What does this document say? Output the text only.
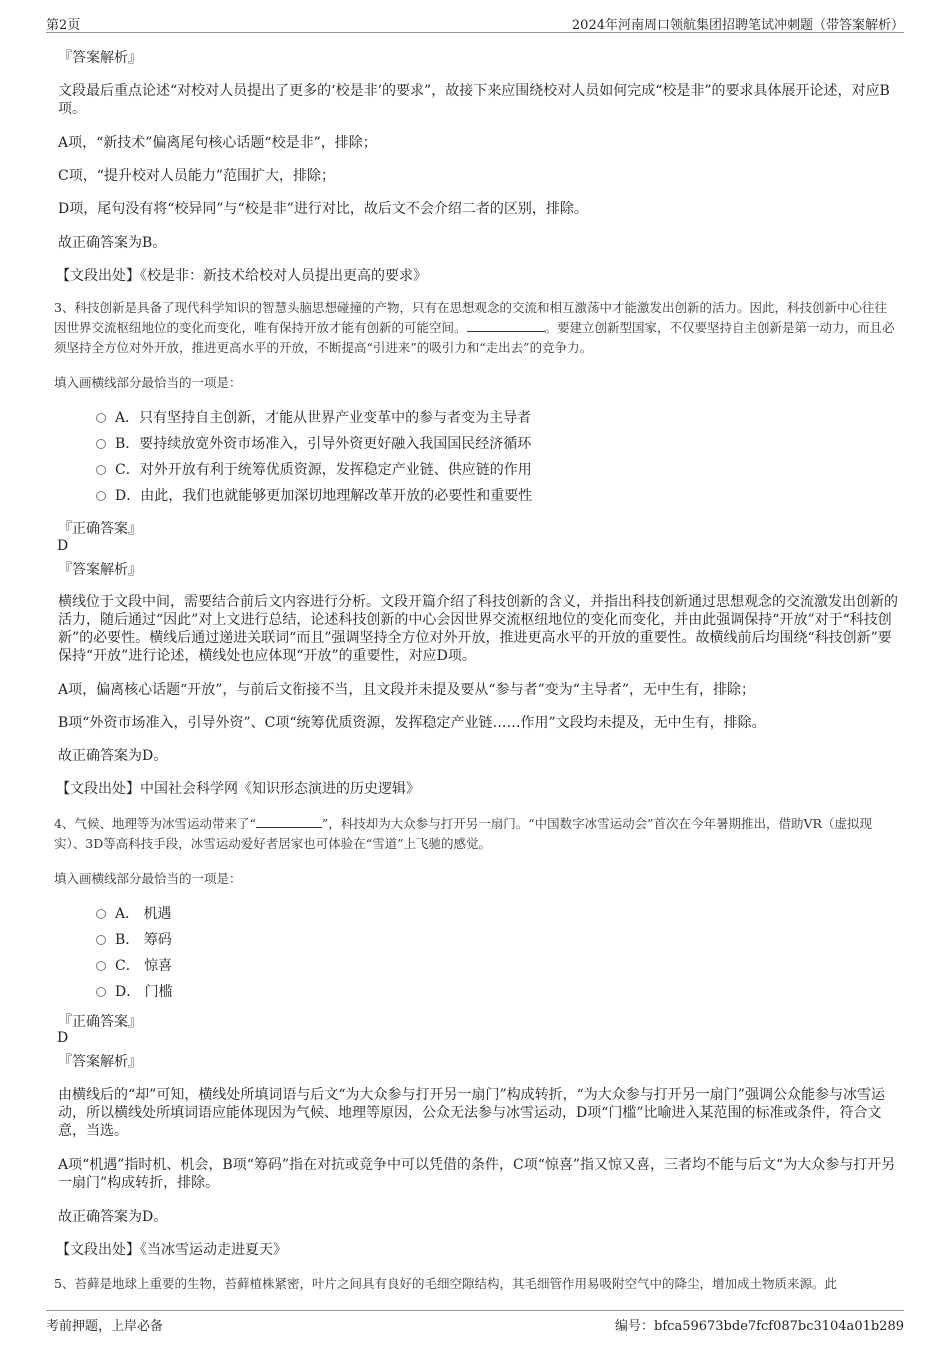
第2页	2024年河南周口领航集团招聘笔试冲刺题（带答案解析）
『答案解析』
文段最后重点论述“对校对人员提出了更多的‘校是非’的要求”，故接下来应围绕校对人员如何完成“校是非”的要求具体展开论述，对应B项。
A项，“新技术”偏离尾句核心话题“校是非”，排除；
C项，“提升校对人员能力”范围扩大，排除；
D项，尾句没有将“校异同”与“校是非”进行对比，故后文不会介绍二者的区别，排除。
故正确答案为B。
【文段出处】《校是非：新技术给校对人员提出更高的要求》
3、科技创新是具备了现代科学知识的智慧头脑思想碰撞的产物，只有在思想观念的交流和相互激荡中才能激发出创新的活力。因此，科技创新中心往往因世界交流枢纽地位的变化而变化，唯有保持开放才能有创新的可能空间。	。要建立创新型国家，不仅要坚持自主创新是第一动力，而且必须坚持全方位对外开放，推进更高水平的开放，不断提高“引进来”的吸引力和“走出去”的竞争力。
填入画横线部分最恰当的一项是：
A．只有坚持自主创新，才能从世界产业变革中的参与者变为主导者
B．要持续放宽外资市场准入，引导外资更好融入我国国民经济循环
C．对外开放有利于统筹优质资源，发挥稳定产业链、供应链的作用
D．由此，我们也就能够更加深切地理解改革开放的必要性和重要性
『正确答案』
D
『答案解析』
横线位于文段中间，需要结合前后文内容进行分析。文段开篇介绍了科技创新的含义，并指出科技创新通过思想观念的交流激发出创新的活力，随后通过“因此”对上文进行总结，论述科技创新的中心会因世界交流枢纽地位的变化而变化，并由此强调保持“开放”对于“科技创新”的必要性。横线后通过递进关联词“而且”强调坚持全方位对外开放，推进更高水平的开放的重要性。故横线前后均围绕“科技创新”要保持“开放”进行论述，横线处也应体现“开放”的重要性，对应D项。
A项，偏离核心话题“开放”，与前后文衔接不当，且文段并未提及要从“参与者”变为“主导者”，无中生有，排除；
B项“外资市场准入，引导外资”、C项“统筹优质资源，发挥稳定产业链……作用”文段均未提及，无中生有，排除。
故正确答案为D。
【文段出处】中国社会科学网《知识形态演进的历史逻辑》
4、气候、地理等为冰雪运动带来了“	”，科技却为大众参与打开另一扇门。“中国数字冰雪运动会”首次在今年暑期推出，借助VR（虚拟现实）、3D等高科技手段，冰雪运动爱好者居家也可体验在“雪道”上飞驰的感觉。
填入画横线部分最恰当的一项是：
A． 机遇
B． 筹码
C． 惊喜
D． 门槛
『正确答案』
D
『答案解析』
由横线后的“却”可知，横线处所填词语与后文“为大众参与打开另一扇门”构成转折，“为大众参与打开另一扇门”强调公众能参与冰雪运动，所以横线处所填词语应能体现因为气候、地理等原因，公众无法参与冰雪运动，D项“门槛”比喻进入某范围的标准或条件，符合文意，当选。
A项“机遇”指时机、机会，B项“筹码”指在对抗或竞争中可以凭借的条件，C项“惊喜”指又惊又喜，三者均不能与后文“为大众参与打开另一扇门”构成转折，排除。
故正确答案为D。
【文段出处】《当冰雪运动走进夏天》
5、苔藓是地球上重要的生物，苔藓植株紧密，叶片之间具有良好的毛细空隙结构，其毛细管作用易吸附空气中的降尘，增加成土物质来源。此
考前押题，上岸必备	编号：bfca59673bde7fcf087bc3104a01b289
